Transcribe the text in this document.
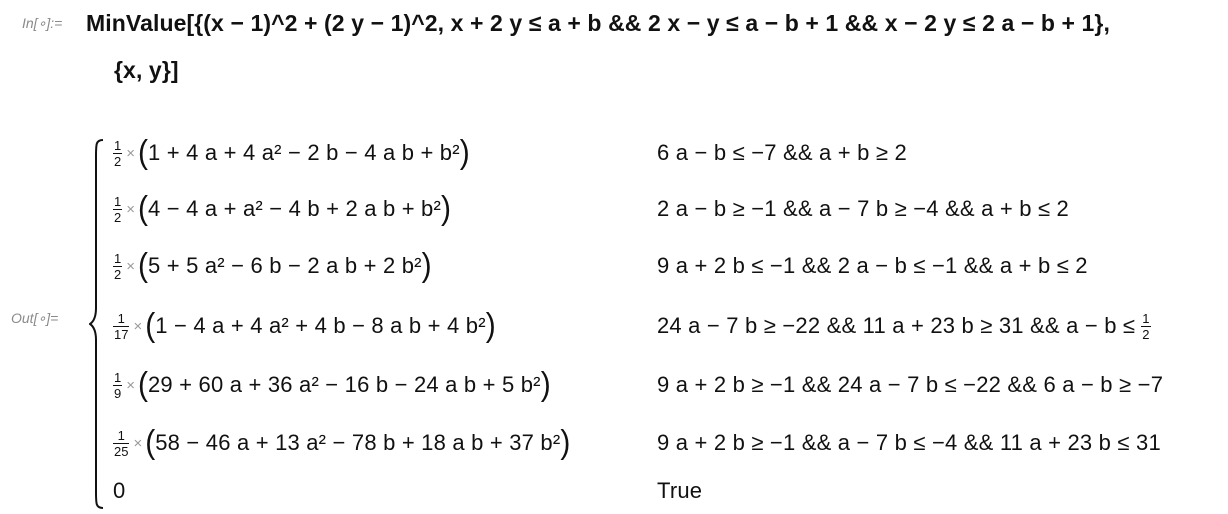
In[∘]:= MinValue[{(x − 1)^2 + (2 y − 1)^2, x + 2 y ≤ a + b && 2 x − y ≤ a − b + 1 && x − 2 y ≤ 2 a − b + 1},
{x, y}]
Out[∘]=
$\frac{1}{2}$ × ( 1 + 4 a + 4 a² − 2 b − 4 a b + b² )	6 a − b ≤ −7 && a + b ≥ 2
$\frac{1}{2}$ × ( 4 − 4 a + a² − 4 b + 2 a b + b² )	2 a − b ≥ −1 && a − 7 b ≥ −4 && a + b ≤ 2
$\frac{1}{2}$ × ( 5 + 5 a² − 6 b − 2 a b + 2 b² )	9 a + 2 b ≤ −1 && 2 a − b ≤ −1 && a + b ≤ 2
$\frac{1}{17}$ × ( 1 − 4 a + 4 a² + 4 b − 8 a b + 4 b² )	24 a − 7 b ≥ −22 && 11 a + 23 b ≥ 31 && $a - b \le \frac{1}{2}$
$\frac{1}{9}$ × ( 29 + 60 a + 36 a² − 16 b − 24 a b + 5 b² )	9 a + 2 b ≥ −1 && 24 a − 7 b ≤ −22 && 6 a − b ≥ −7
$\frac{1}{25}$ × ( 58 − 46 a + 13 a² − 78 b + 18 a b + 37 b² )	9 a + 2 b ≥ −1 && a − 7 b ≤ −4 && 11 a + 23 b ≤ 31
0	True
